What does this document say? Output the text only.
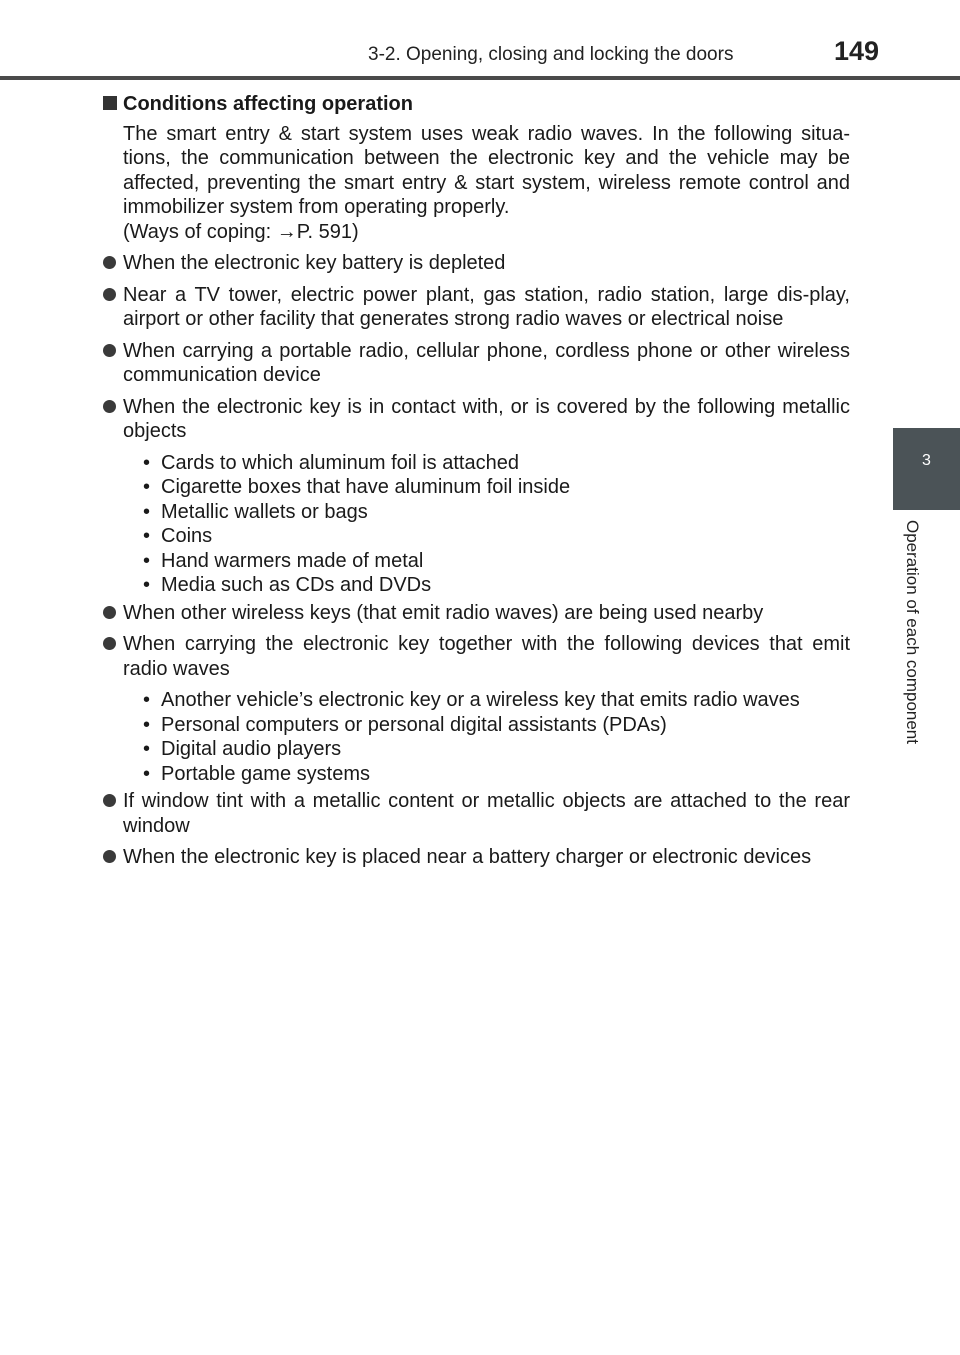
3-2. Opening, closing and locking the doors	149
3
Operation of each component
Conditions affecting operation
The smart entry & start system uses weak radio waves. In the following situa-tions, the communication between the electronic key and the vehicle may be affected, preventing the smart entry & start system, wireless remote control and immobilizer system from operating properly.
(Ways of coping: →P. 591)
When the electronic key battery is depleted
Near a TV tower, electric power plant, gas station, radio station, large dis-play, airport or other facility that generates strong radio waves or electrical noise
When carrying a portable radio, cellular phone, cordless phone or other wireless communication device
When the electronic key is in contact with, or is covered by the following metallic objects
• Cards to which aluminum foil is attached
• Cigarette boxes that have aluminum foil inside
• Metallic wallets or bags
• Coins
• Hand warmers made of metal
• Media such as CDs and DVDs
When other wireless keys (that emit radio waves) are being used nearby
When carrying the electronic key together with the following devices that emit radio waves
• Another vehicle’s electronic key or a wireless key that emits radio waves
• Personal computers or personal digital assistants (PDAs)
• Digital audio players
• Portable game systems
If window tint with a metallic content or metallic objects are attached to the rear window
When the electronic key is placed near a battery charger or electronic devices
